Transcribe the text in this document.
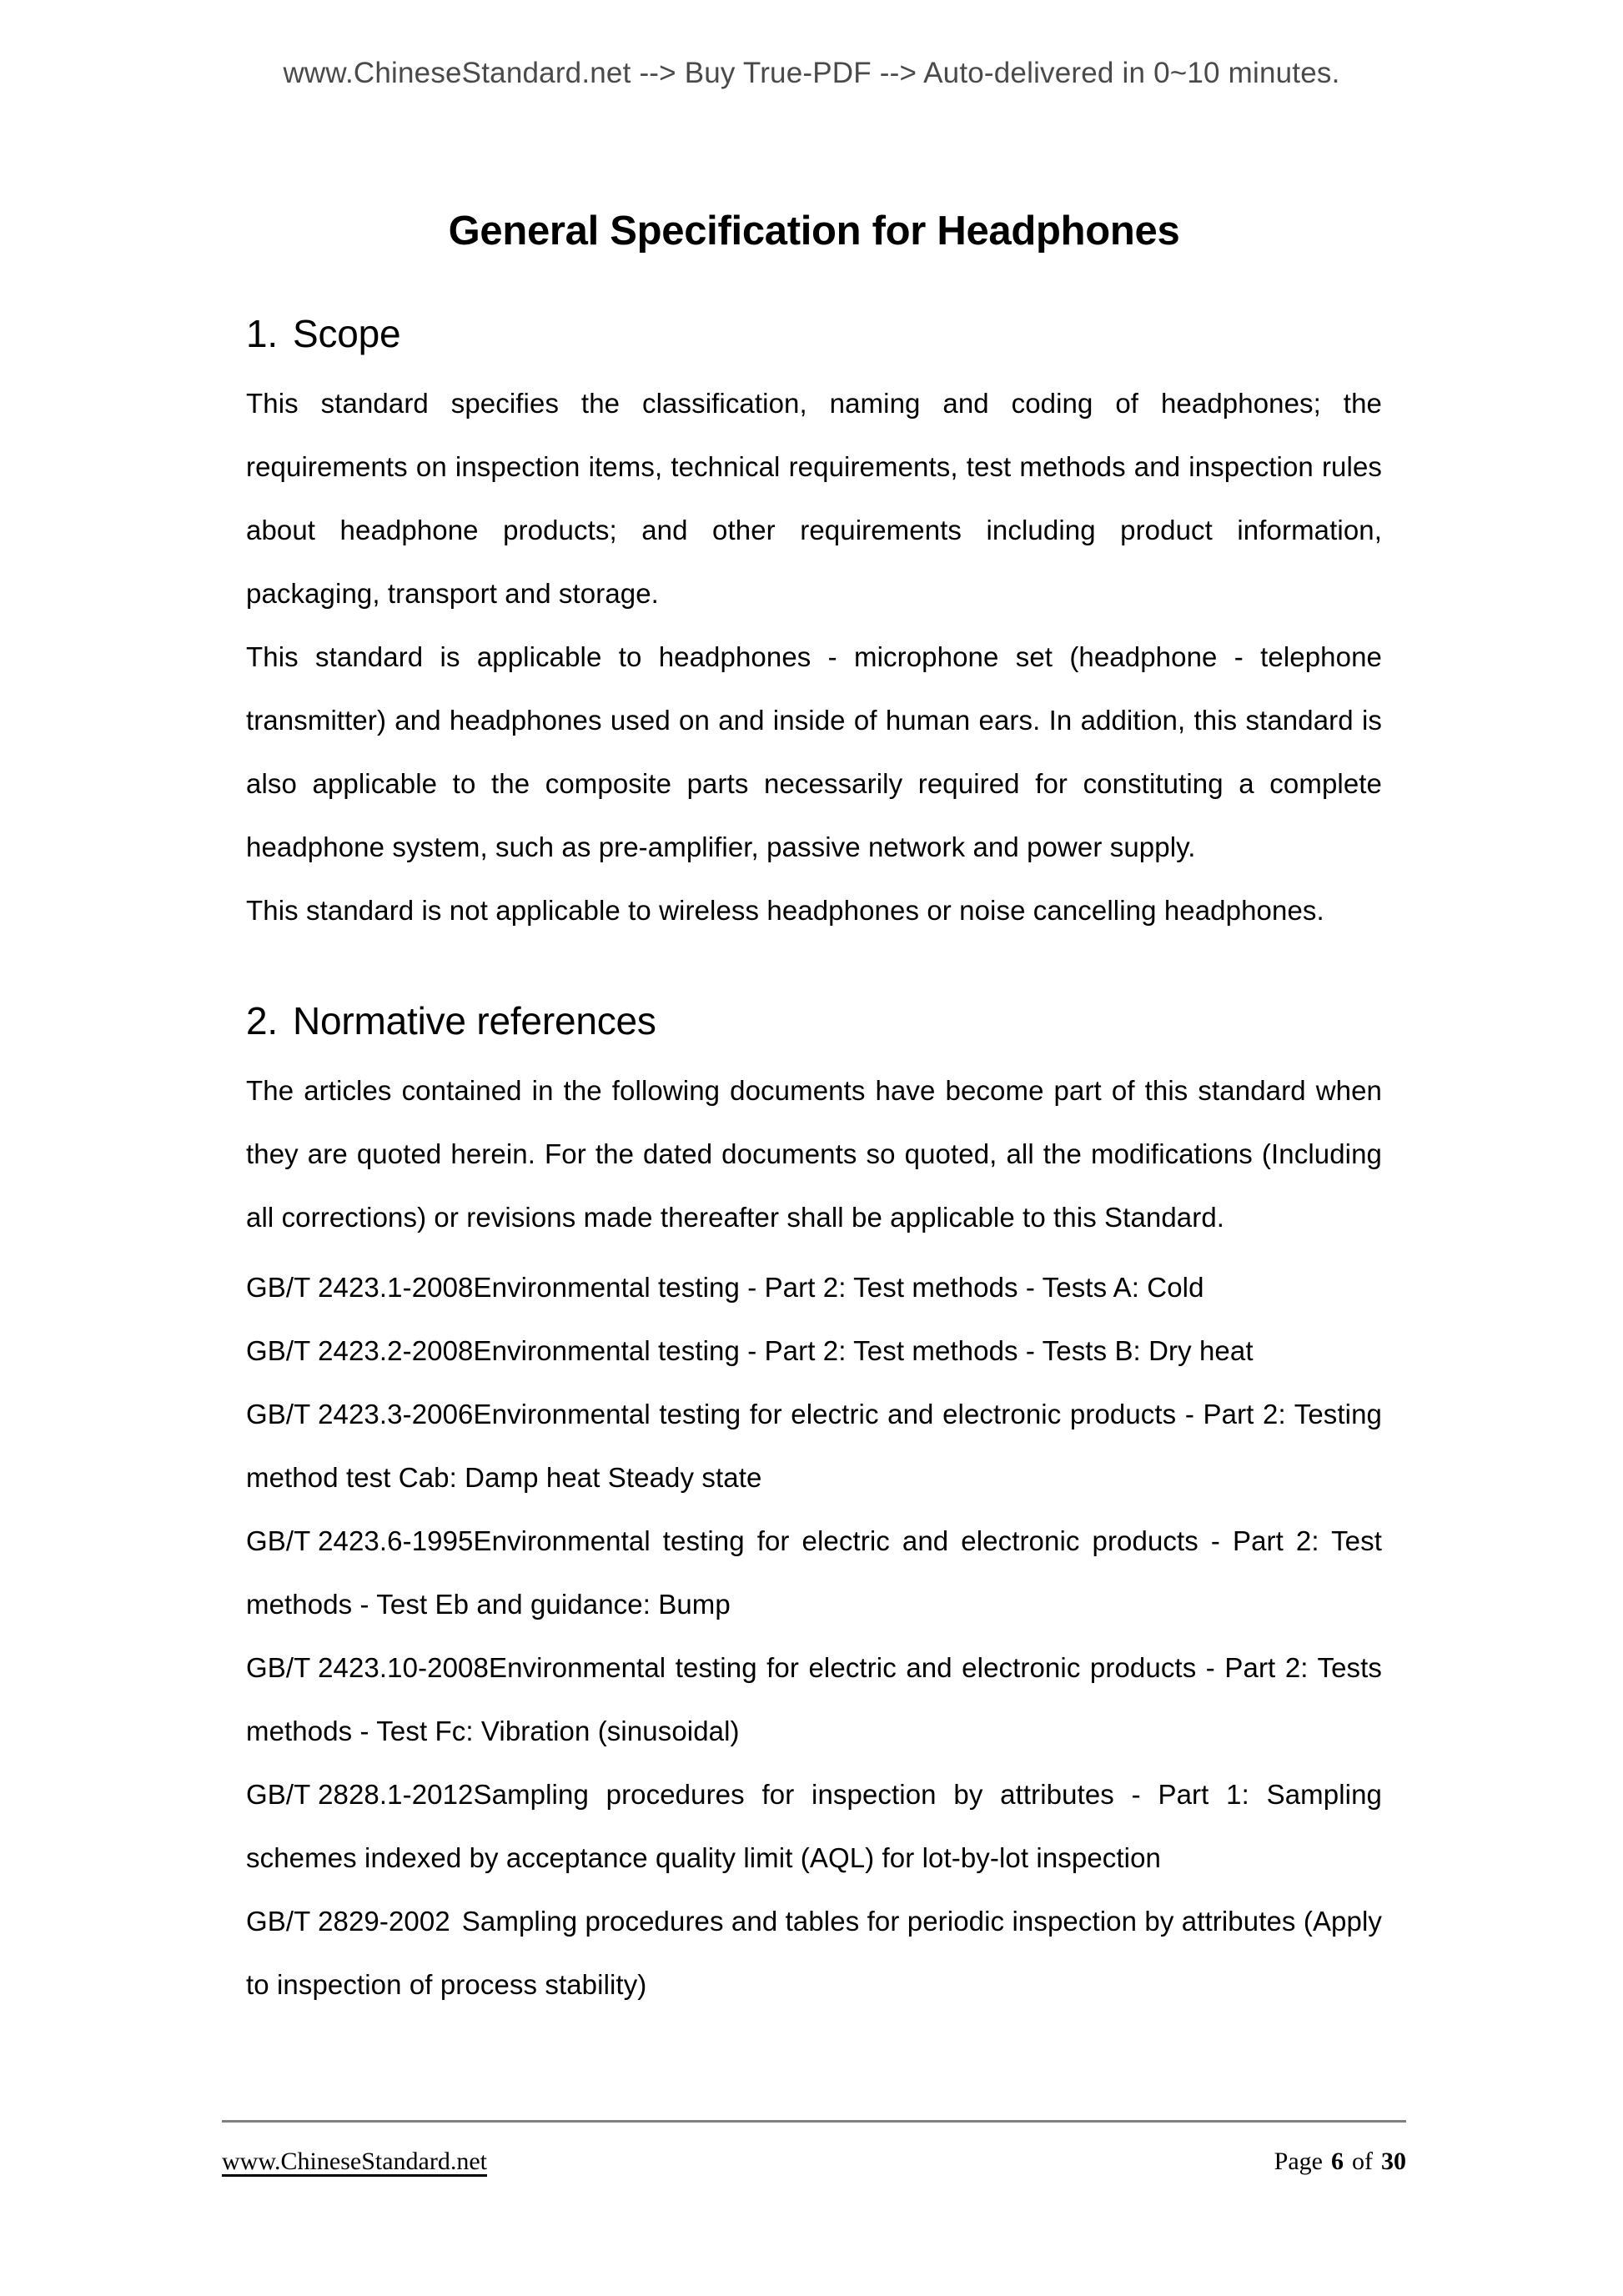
www.ChineseStandard.net --> Buy True-PDF --> Auto-delivered in 0~10 minutes.
General Specification for Headphones
1. Scope

This standard specifies the classification, naming and coding of headphones; the requirements on inspection items, technical requirements, test methods and inspection rules about headphone products; and other requirements including product information, packaging, transport and storage.

This standard is applicable to headphones - microphone set (headphone - telephone transmitter) and headphones used on and inside of human ears. In addition, this standard is also applicable to the composite parts necessarily required for constituting a complete headphone system, such as pre-amplifier, passive network and power supply.

This standard is not applicable to wireless headphones or noise cancelling headphones.

2. Normative references

The articles contained in the following documents have become part of this standard when they are quoted herein. For the dated documents so quoted, all the modifications (Including all corrections) or revisions made thereafter shall be applicable to this Standard.

GB/T 2423.1-2008Environmental testing - Part 2: Test methods - Tests A: Cold
GB/T 2423.2-2008Environmental testing - Part 2: Test methods - Tests B: Dry heat
GB/T 2423.3-2006Environmental testing for electric and electronic products - Part 2: Testing method test Cab: Damp heat Steady state
GB/T 2423.6-1995Environmental testing for electric and electronic products - Part 2: Test methods - Test Eb and guidance: Bump
GB/T 2423.10-2008Environmental testing for electric and electronic products - Part 2: Tests methods - Test Fc: Vibration (sinusoidal)
GB/T 2828.1-2012Sampling procedures for inspection by attributes - Part 1: Sampling schemes indexed by acceptance quality limit (AQL) for lot-by-lot inspection
GB/T 2829-2002 Sampling procedures and tables for periodic inspection by attributes (Apply to inspection of process stability)
www.ChineseStandard.net	Page 6 of 30
